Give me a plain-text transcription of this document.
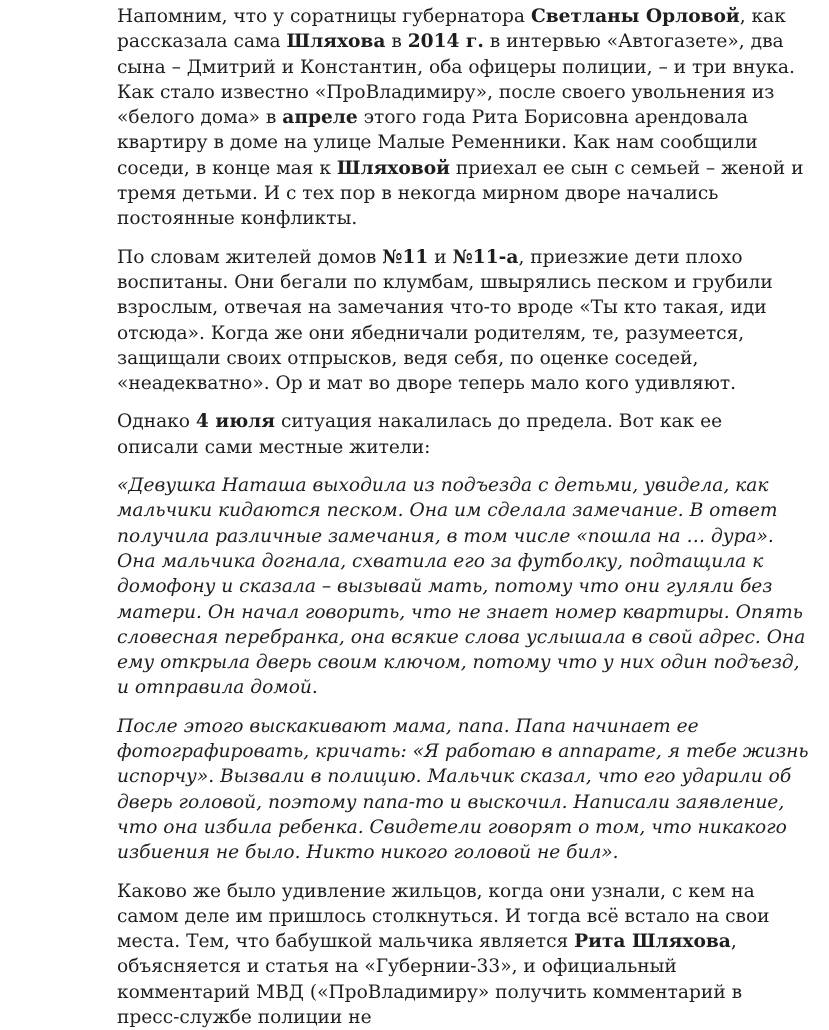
Напомним, что у соратницы губернатора Светланы Орловой, как рассказала сама Шляхова в 2014 г. в интервью «Автогазете», два сына – Дмитрий и Константин, оба офицеры полиции, – и три внука. Как стало известно «ПроВладимиру», после своего увольнения из «белого дома» в апреле этого года Рита Борисовна арендовала квартиру в доме на улице Малые Ременники. Как нам сообщили соседи, в конце мая к Шляховой приехал ее сын с семьей – женой и тремя детьми. И с тех пор в некогда мирном дворе начались постоянные конфликты.

По словам жителей домов №11 и №11-а, приезжие дети плохо воспитаны. Они бегали по клумбам, швырялись песком и грубили взрослым, отвечая на замечания что-то вроде «Ты кто такая, иди отсюда». Когда же они ябедничали родителям, те, разумеется, защищали своих отпрысков, ведя себя, по оценке соседей, «неадекватно». Ор и мат во дворе теперь мало кого удивляют.

Однако 4 июля ситуация накалилась до предела. Вот как ее описали сами местные жители:

«Девушка Наташа выходила из подъезда с детьми, увидела, как мальчики кидаются песком. Она им сделала замечание. В ответ получила различные замечания, в том числе «пошла на … дура». Она мальчика догнала, схватила его за футболку, подтащила к домофону и сказала – вызывай мать, потому что они гуляли без матери. Он начал говорить, что не знает номер квартиры. Опять словесная перебранка, она всякие слова услышала в свой адрес. Она ему открыла дверь своим ключом, потому что у них один подъезд, и отправила домой.

После этого выскакивают мама, папа. Папа начинает ее фотографировать, кричать: «Я работаю в аппарате, я тебе жизнь испорчу». Вызвали в полицию. Мальчик сказал, что его ударили об дверь головой, поэтому папа-то и выскочил. Написали заявление, что она избила ребенка. Свидетели говорят о том, что никакого избиения не было. Никто никого головой не бил».

Каково же было удивление жильцов, когда они узнали, с кем на самом деле им пришлось столкнуться. И тогда всё встало на свои места. Тем, что бабушкой мальчика является Рита Шляхова, объясняется и статья на «Губернии-33», и официальный комментарий МВД («ПроВладимиру» получить комментарий в пресс-службе полиции не
